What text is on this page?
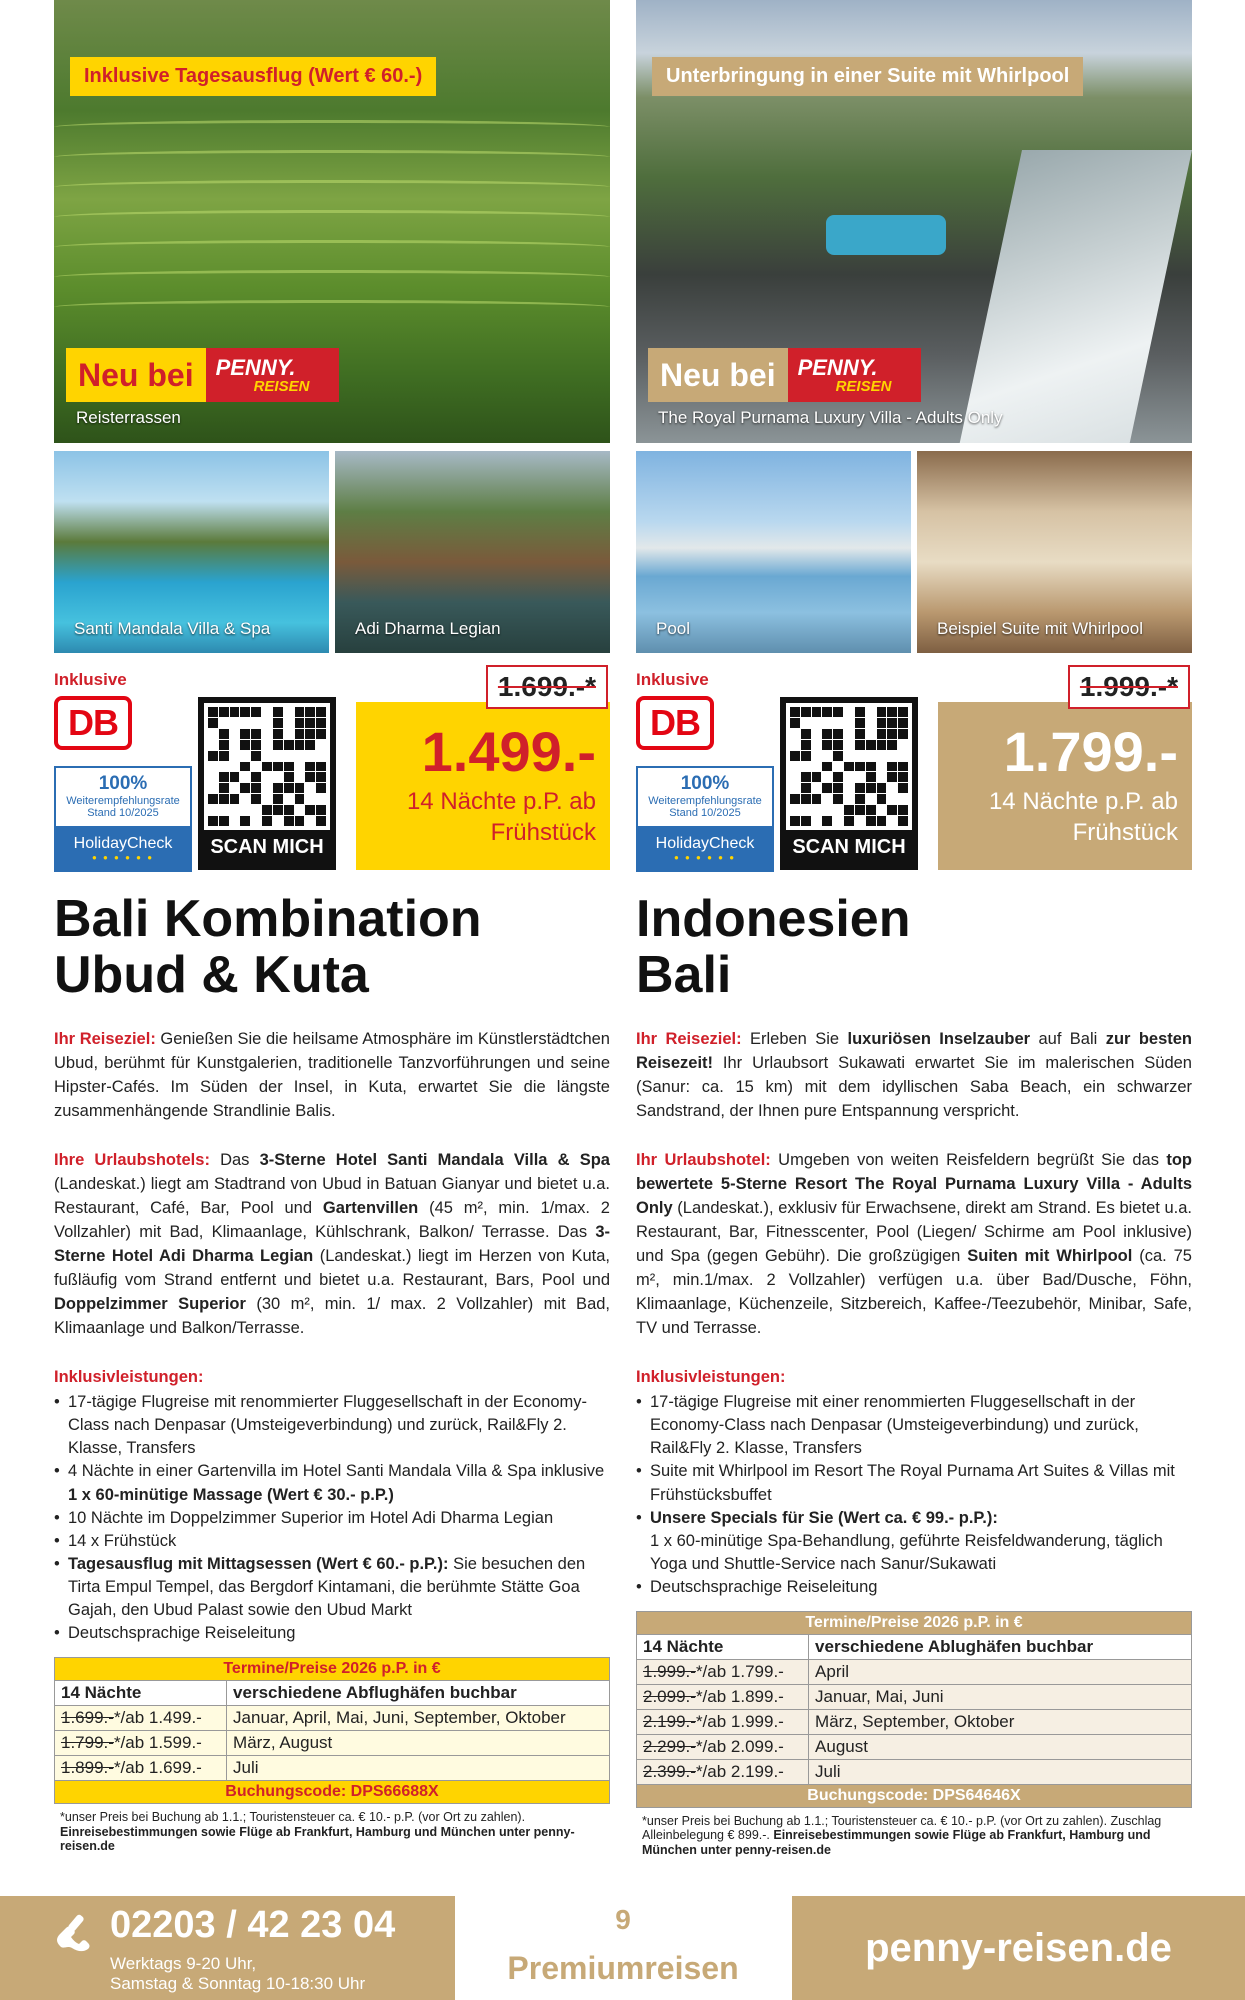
Inklusive Tagesausflug (Wert € 60.-)
Neu bei	PENNY.
REISEN
Reisterrassen
Santi Mandala Villa & Spa	Adi Dharma Legian
Inklusive
DB
100%
Weiterempfehlungsrate
Stand 10/2025
HolidayCheck
● ● ● ● ● ●	SCAN MICH
1.699.-*
1.499.-
14 Nächte p.P. ab
Frühstück
Bali Kombination
Ubud & Kuta

Ihr Reiseziel: Genießen Sie die heilsame Atmosphäre im Künstlerstädtchen Ubud, berühmt für Kunstgalerien, traditionelle Tanzvorführungen und seine Hipster-Cafés. Im Süden der Insel, in Kuta, erwartet Sie die längste zusammenhängende Strandlinie Balis.

Ihre Urlaubshotels: Das 3-Sterne Hotel Santi Mandala Villa & Spa (Landeskat.) liegt am Stadtrand von Ubud in Batuan Gianyar und bietet u.a. Restaurant, Café, Bar, Pool und Gartenvillen (45 m², min. 1/max. 2 Vollzahler) mit Bad, Klimaanlage, Kühlschrank, Balkon/ Terrasse. Das 3-Sterne Hotel Adi Dharma Legian (Landeskat.) liegt im Herzen von Kuta, fußläufig vom Strand entfernt und bietet u.a. Restaurant, Bars, Pool und Doppelzimmer Superior (30 m², min. 1/ max. 2 Vollzahler) mit Bad, Klimaanlage und Balkon/Terrasse.

Inklusivleistungen:
• 17-tägige Flugreise mit renommierter Fluggesellschaft in der Economy-Class nach Denpasar (Umsteigeverbindung) und zurück, Rail&Fly 2. Klasse, Transfers
• 4 Nächte in einer Gartenvilla im Hotel Santi Mandala Villa & Spa inklusive 1 x 60-minütige Massage (Wert € 30.- p.P.)
• 10 Nächte im Doppelzimmer Superior im Hotel Adi Dharma Legian
• 14 x Frühstück
• Tagesausflug mit Mittagsessen (Wert € 60.- p.P.): Sie besuchen den Tirta Empul Tempel, das Bergdorf Kintamani, die berühmte Stätte Goa Gajah, den Ubud Palast sowie den Ubud Markt
• Deutschsprachige Reiseleitung
Termine/Preise 2026 p.P. in €	
14 Nächte	verschiedene Abflughäfen buchbar
1.699.-*/ab 1.499.-	Januar, April, Mai, Juni, September, Oktober
1.799.-*/ab 1.599.-	März, August
1.899.-*/ab 1.699.-	Juli
Buchungscode: DPS66688X	

*unser Preis bei Buchung ab 1.1.; Touristensteuer ca. € 10.- p.P. (vor Ort zu zahlen). Einreisebestimmungen sowie Flüge ab Frankfurt, Hamburg und München unter penny-reisen.de

Unterbringung in einer Suite mit Whirlpool
Neu bei	PENNY.
REISEN
The Royal Purnama Luxury Villa - Adults Only
Pool	Beispiel Suite mit Whirlpool
Inklusive
DB
100%
Weiterempfehlungsrate
Stand 10/2025
HolidayCheck
● ● ● ● ● ●	SCAN MICH
1.999.-*
1.799.-
14 Nächte p.P. ab
Frühstück
Indonesien
Bali

Ihr Reiseziel: Erleben Sie luxuriösen Inselzauber auf Bali zur besten Reisezeit! Ihr Urlaubsort Sukawati erwartet Sie im malerischen Süden (Sanur: ca. 15 km) mit dem idyllischen Saba Beach, ein schwarzer Sandstrand, der Ihnen pure Entspannung verspricht.

Ihr Urlaubshotel: Umgeben von weiten Reisfeldern begrüßt Sie das top bewertete 5-Sterne Resort The Royal Purnama Luxury Villa - Adults Only (Landeskat.), exklusiv für Erwachsene, direkt am Strand. Es bietet u.a. Restaurant, Bar, Fitnesscenter, Pool (Liegen/ Schirme am Pool inklusive) und Spa (gegen Gebühr). Die großzügigen Suiten mit Whirlpool (ca. 75 m², min.1/max. 2 Vollzahler) verfügen u.a. über Bad/Dusche, Föhn, Klimaanlage, Küchenzeile, Sitzbereich, Kaffee-/Teezubehör, Minibar, Safe, TV und Terrasse.

Inklusivleistungen:
• 17-tägige Flugreise mit einer renommierten Fluggesellschaft in der Economy-Class nach Denpasar (Umsteigeverbindung) und zurück, Rail&Fly 2. Klasse, Transfers
• Suite mit Whirlpool im Resort The Royal Purnama Art Suites & Villas mit Frühstücksbuffet
• Unsere Specials für Sie (Wert ca. € 99.- p.P.):
1 x 60-minütige Spa-Behandlung, geführte Reisfeldwanderung, täglich Yoga und Shuttle-Service nach Sanur/Sukawati
• Deutschsprachige Reiseleitung
Termine/Preise 2026 p.P. in €	
14 Nächte	verschiedene Ablughäfen buchbar
1.999.-*/ab 1.799.-	April
2.099.-*/ab 1.899.-	Januar, Mai, Juni
2.199.-*/ab 1.999.-	März, September, Oktober
2.299.-*/ab 2.099.-	August
2.399.-*/ab 2.199.-	Juli
Buchungscode: DPS64646X	

*unser Preis bei Buchung ab 1.1.; Touristensteuer ca. € 10.- p.P. (vor Ort zu zahlen). Zuschlag Alleinbelegung € 899.-. Einreisebestimmungen sowie Flüge ab Frankfurt, Hamburg und München unter penny-reisen.de

02203 / 42 23 04
Werktags 9-20 Uhr,
Samstag & Sonntag 10-18:30 Uhr
9
Premiumreisen	penny-reisen.de
